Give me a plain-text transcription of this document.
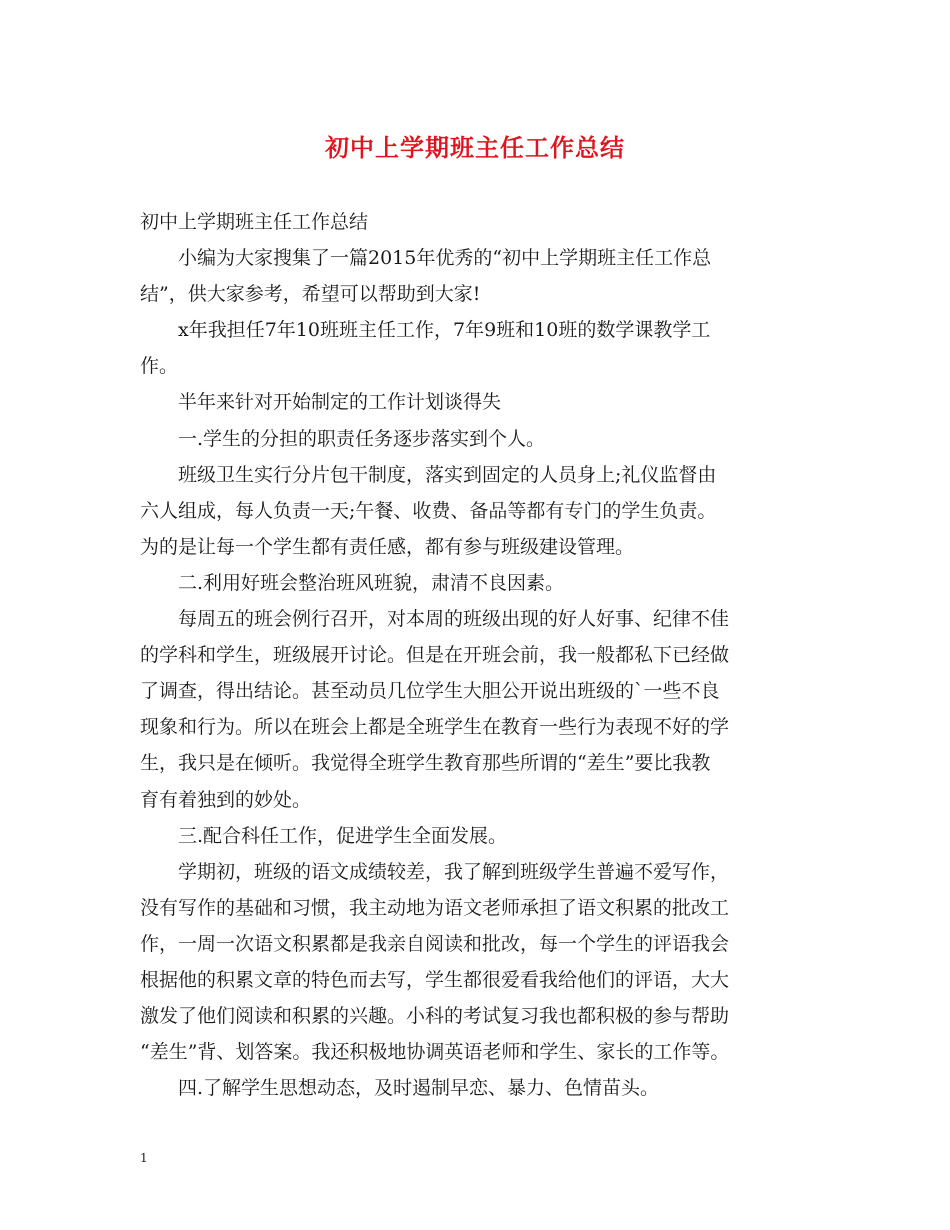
初中上学期班主任工作总结

初中上学期班主任工作总结

小编为大家搜集了一篇2015年优秀的“初中上学期班主任工作总

结”，供大家参考，希望可以帮助到大家!

x年我担任7年10班班主任工作，7年9班和10班的数学课教学工

作。

半年来针对开始制定的工作计划谈得失

一.学生的分担的职责任务逐步落实到个人。

班级卫生实行分片包干制度，落实到固定的人员身上;礼仪监督由

六人组成，每人负责一天;午餐、收费、备品等都有专门的学生负责。

为的是让每一个学生都有责任感，都有参与班级建设管理。

二.利用好班会整治班风班貌，肃清不良因素。

每周五的班会例行召开，对本周的班级出现的好人好事、纪律不佳

的学科和学生，班级展开讨论。但是在开班会前，我一般都私下已经做

了调查，得出结论。甚至动员几位学生大胆公开说出班级的`一些不良

现象和行为。所以在班会上都是全班学生在教育一些行为表现不好的学

生，我只是在倾听。我觉得全班学生教育那些所谓的“差生”要比我教

育有着独到的妙处。

三.配合科任工作，促进学生全面发展。

学期初，班级的语文成绩较差，我了解到班级学生普遍不爱写作，

没有写作的基础和习惯，我主动地为语文老师承担了语文积累的批改工

作，一周一次语文积累都是我亲自阅读和批改，每一个学生的评语我会

根据他的积累文章的特色而去写，学生都很爱看我给他们的评语，大大

激发了他们阅读和积累的兴趣。小科的考试复习我也都积极的参与帮助

“差生”背、划答案。我还积极地协调英语老师和学生、家长的工作等。

四.了解学生思想动态，及时遏制早恋、暴力、色情苗头。

1
